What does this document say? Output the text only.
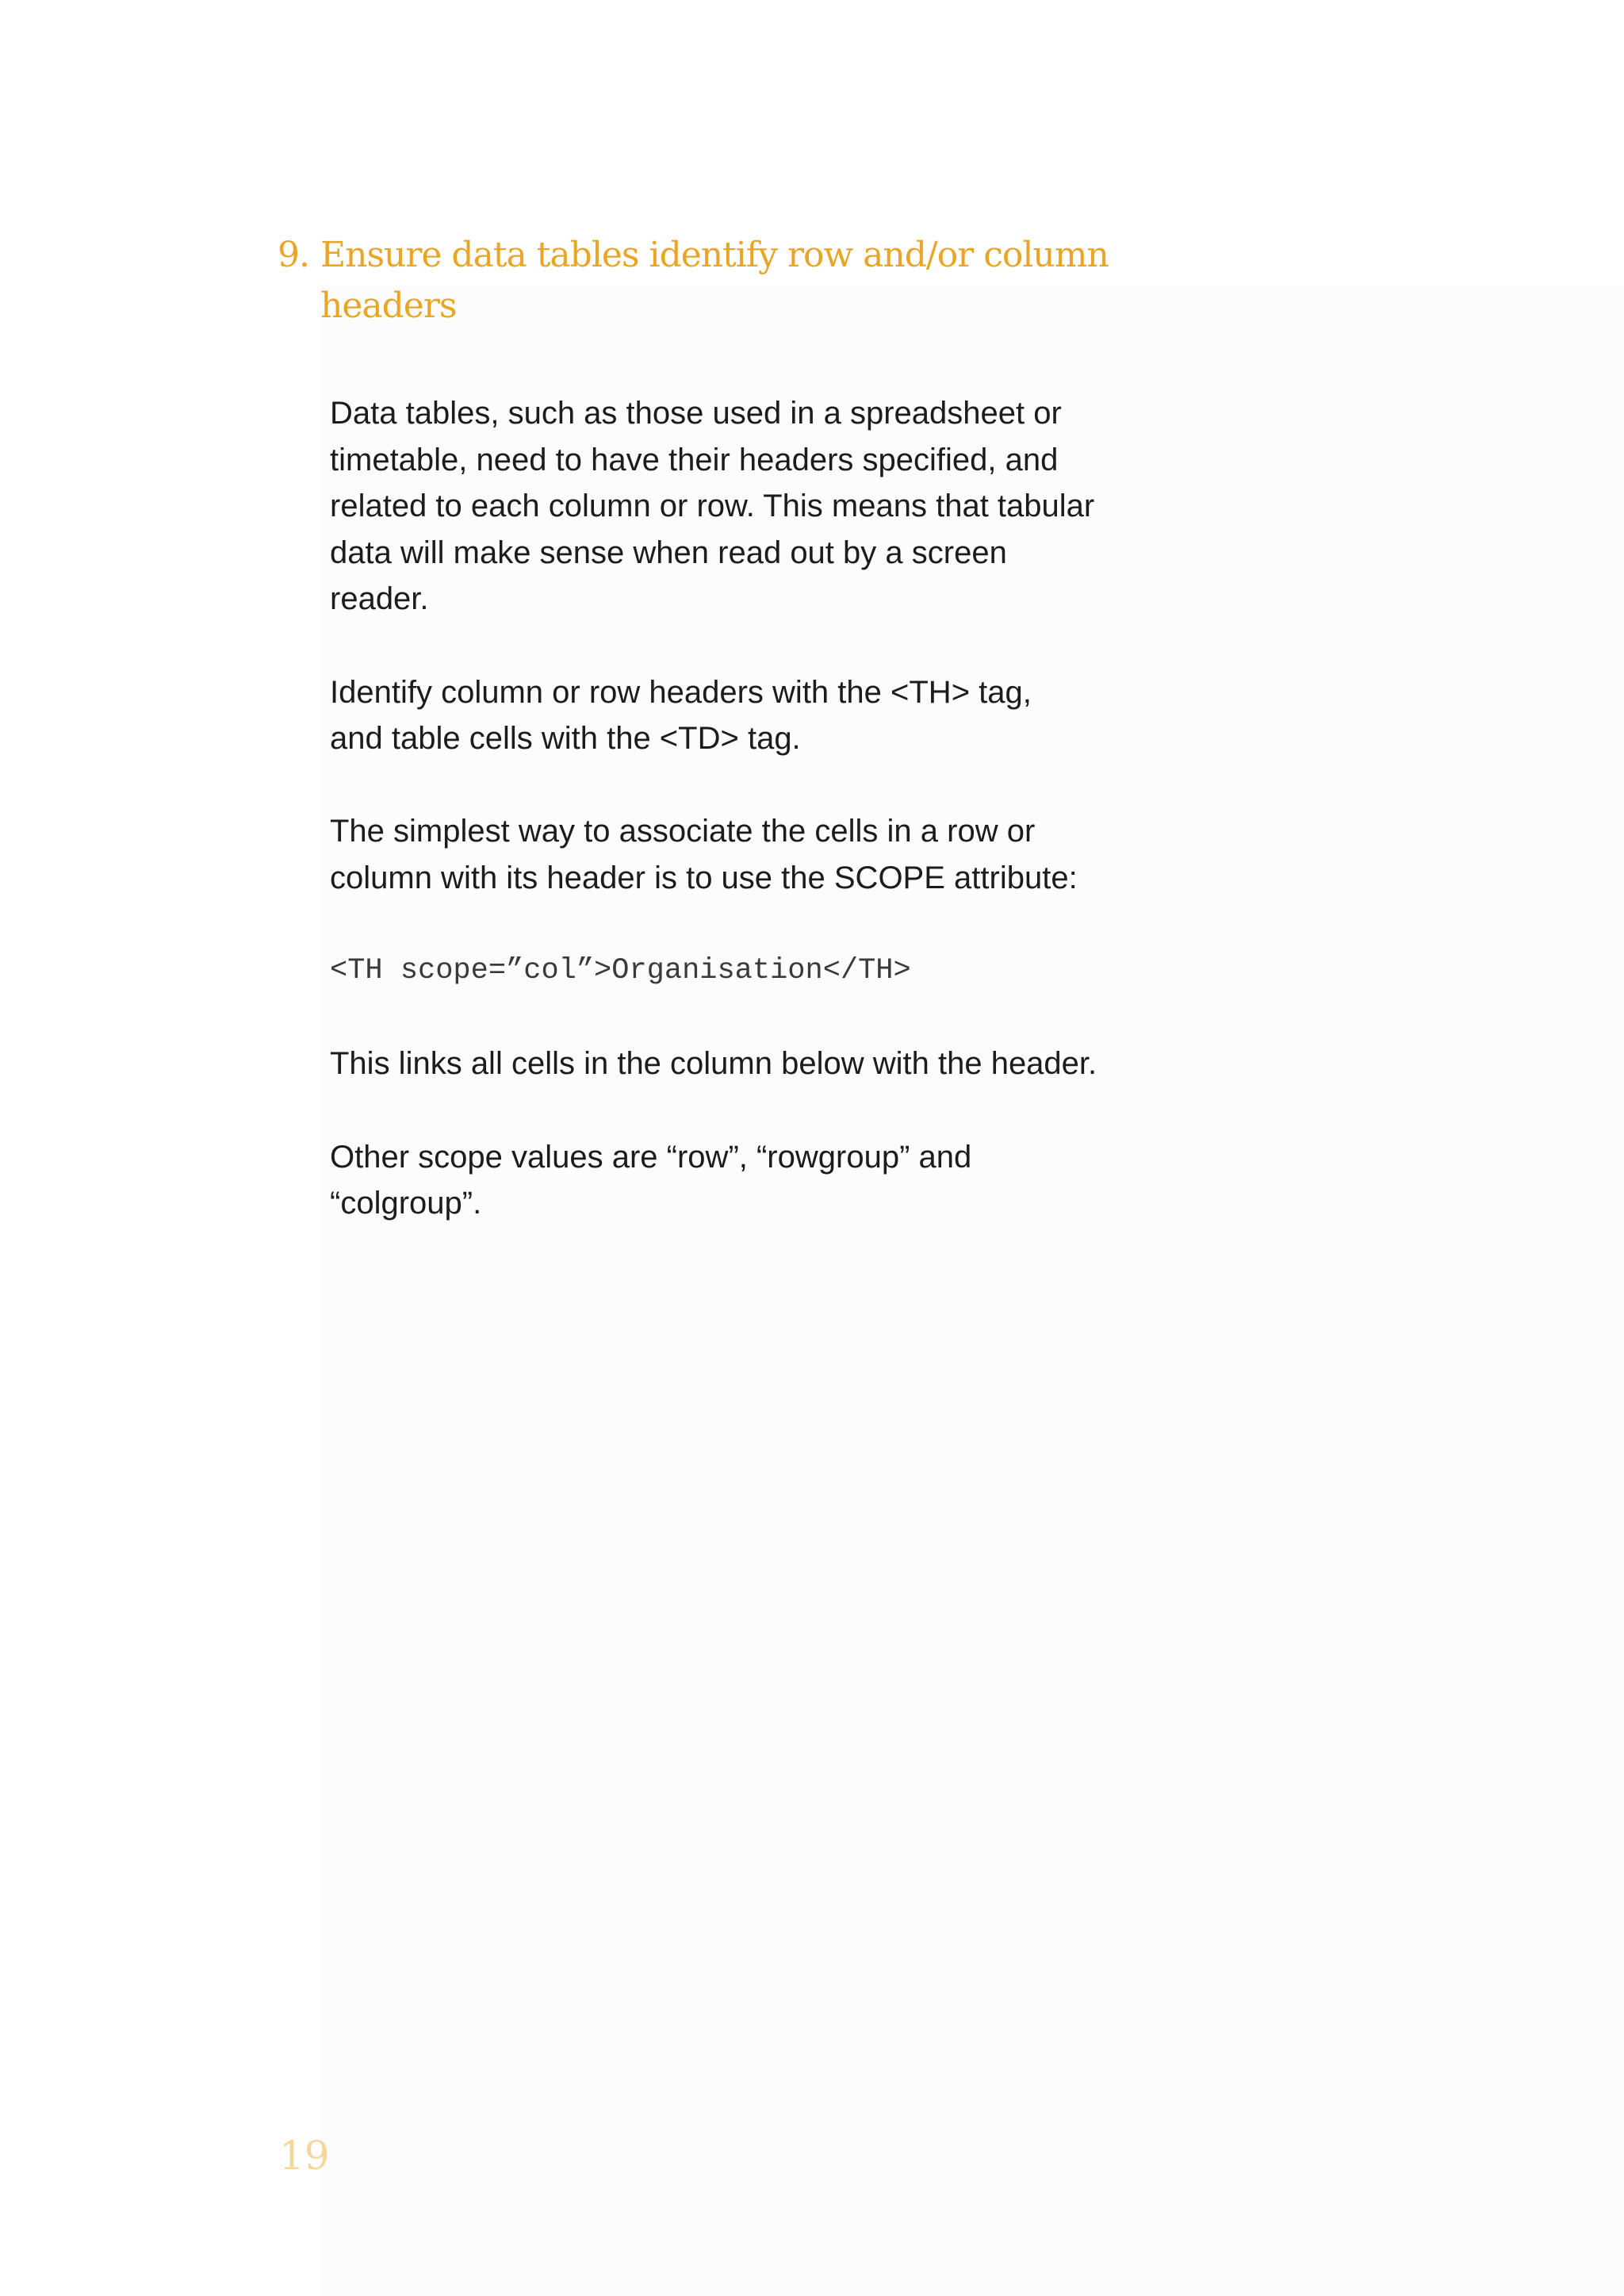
9. Ensure data tables identify row and/or column
headers

Data tables, such as those used in a spreadsheet or
timetable, need to have their headers specified, and
related to each column or row. This means that tabular
data will make sense when read out by a screen
reader.

Identify column or row headers with the <TH> tag,
and table cells with the <TD> tag.

The simplest way to associate the cells in a row or
column with its header is to use the SCOPE attribute:

<TH scope=”col”>Organisation</TH>

This links all cells in the column below with the header.

Other scope values are “row”, “rowgroup” and
“colgroup”.

19
